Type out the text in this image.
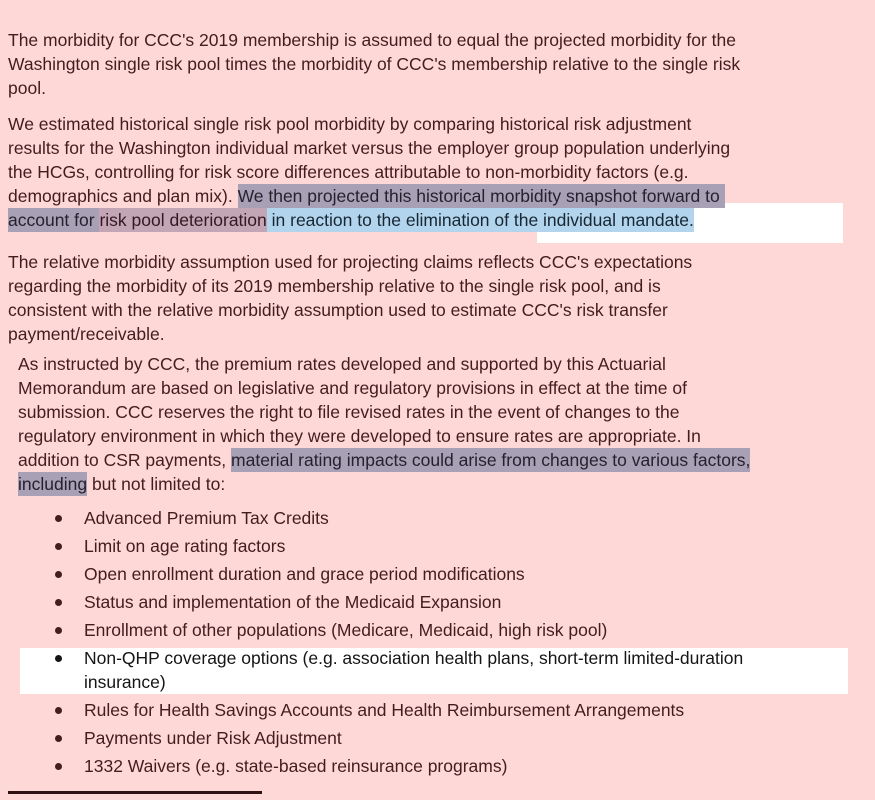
The morbidity for CCC's 2019 membership is assumed to equal the projected morbidity for the
Washington single risk pool times the morbidity of CCC's membership relative to the single risk
pool.
We estimated historical single risk pool morbidity by comparing historical risk adjustment
results for the Washington individual market versus the employer group population underlying
the HCGs, controlling for risk score differences attributable to non-morbidity factors (e.g.
demographics and plan mix). We then projected this historical morbidity snapshot forward to
account for risk pool deterioration in reaction to the elimination of the individual mandate.
The relative morbidity assumption used for projecting claims reflects CCC's expectations
regarding the morbidity of its 2019 membership relative to the single risk pool, and is
consistent with the relative morbidity assumption used to estimate CCC's risk transfer
payment/receivable.
As instructed by CCC, the premium rates developed and supported by this Actuarial
Memorandum are based on legislative and regulatory provisions in effect at the time of
submission. CCC reserves the right to file revised rates in the event of changes to the
regulatory environment in which they were developed to ensure rates are appropriate. In
addition to CSR payments, material rating impacts could arise from changes to various factors,
including but not limited to:
Advanced Premium Tax Credits
Limit on age rating factors
Open enrollment duration and grace period modifications
Status and implementation of the Medicaid Expansion
Enrollment of other populations (Medicare, Medicaid, high risk pool)
Non-QHP coverage options (e.g. association health plans, short-term limited-duration
insurance)
Rules for Health Savings Accounts and Health Reimbursement Arrangements
Payments under Risk Adjustment
1332 Waivers (e.g. state-based reinsurance programs)
